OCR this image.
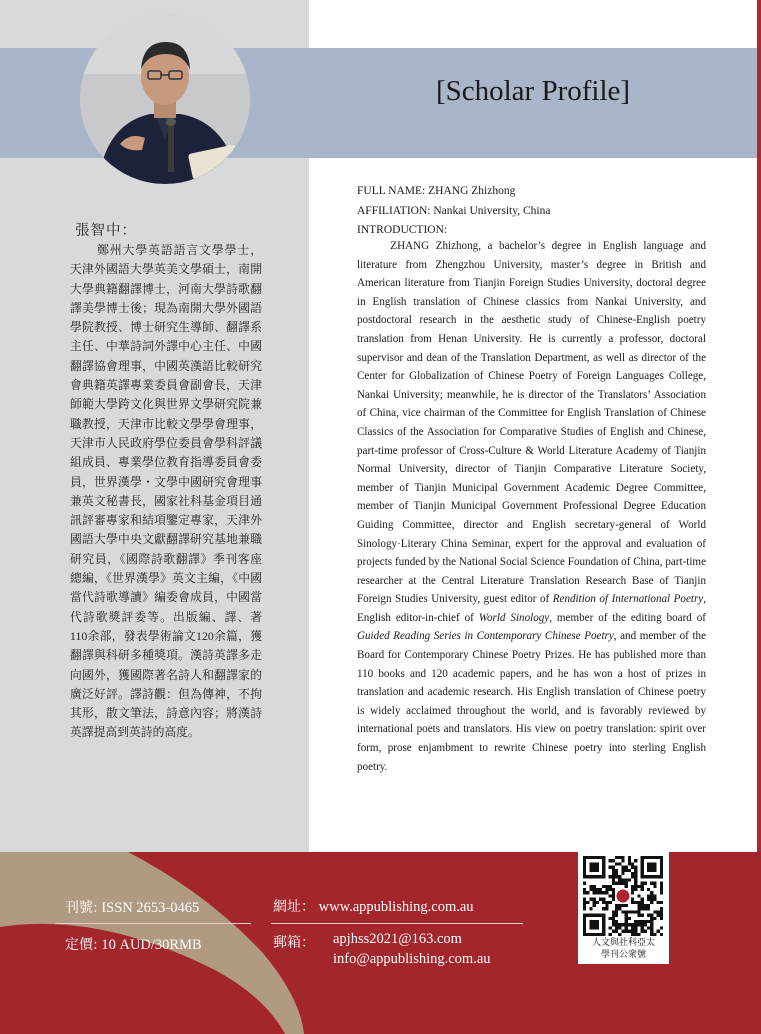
[Scholar Profile]

張智中：

鄭州大學英語語言文學學士，天津外國語大學英美文學碩士，南開大學典籍翻譯博士，河南大學詩歌翻譯美學博士後；現為南開大學外國語學院教授、博士研究生導師、翻譯系主任、中華詩詞外譯中心主任、中國翻譯協會理事，中國英漢語比較研究會典籍英譯專業委員會副會長，天津師範大學跨文化與世界文學研究院兼職教授，天津市比較文學學會理事，天津市人民政府學位委員會學科評議組成員、專業學位教育指導委員會委員，世界漢學・文學中國研究會理事兼英文秘書長，國家社科基金項目通訊評審專家和結項鑒定專家，天津外國語大學中央文獻翻譯研究基地兼職研究員，《國際詩歌翻譯》季刊客座總編，《世界漢學》英文主編，《中國當代詩歌導讀》編委會成員，中國當代詩歌獎評委等。出版編、譯、著110余部，發表學術論文120余篇，獲翻譯與科研多種獎項。漢詩英譯多走向國外，獲國際著名詩人和翻譯家的廣泛好評。譯詩觀：但為傳神，不拘其形，散文筆法，詩意內容；將漢詩英譯提高到英詩的高度。

FULL NAME: ZHANG Zhizhong

AFFILIATION: Nankai University, China

INTRODUCTION:

ZHANG Zhizhong, a bachelor’s degree in English language and literature from Zhengzhou University, master’s degree in British and American literature from Tianjin Foreign Studies University, doctoral degree in English translation of Chinese classics from Nankai University, and postdoctoral research in the aesthetic study of Chinese-English poetry translation from Henan University. He is currently a professor, doctoral supervisor and dean of the Translation Department, as well as director of the Center for Globalization of Chinese Poetry of Foreign Languages College, Nankai University; meanwhile, he is director of the Translators’ Association of China, vice chairman of the Committee for English Translation of Chinese Classics of the Association for Comparative Studies of English and Chinese, part-time professor of Cross-Culture & World Literature Academy of Tianjin Normal University, director of Tianjin Comparative Literature Society, member of Tianjin Municipal Government Academic Degree Committee, member of Tianjin Municipal Government Professional Degree Education Guiding Committee, director and English secretary-general of World Sinology·Literary China Seminar, expert for the approval and evaluation of projects funded by the National Social Science Foundation of China, part-time researcher at the Central Literature Translation Research Base of Tianjin Foreign Studies University, guest editor of Rendition of International Poetry, English editor-in-chief of World Sinology, member of the editing board of Guided Reading Series in Contemporary Chinese Poetry, and member of the Board for Contemporary Chinese Poetry Prizes. He has published more than 110 books and 120 academic papers, and he has won a host of prizes in translation and academic research. His English translation of Chinese poetry is widely acclaimed throughout the world, and is favorably reviewed by international poets and translators. His view on poetry translation: spirit over form, prose enjambment to rewrite Chinese poetry into sterling English poetry.

刊號: ISSN 2653-0465

定價: 10 AUD/30RMB

網址： www.appublishing.com.au

郵箱： apjhss2021@163.com

info@appublishing.com.au

人文與社科亞太
學刊公衆號
